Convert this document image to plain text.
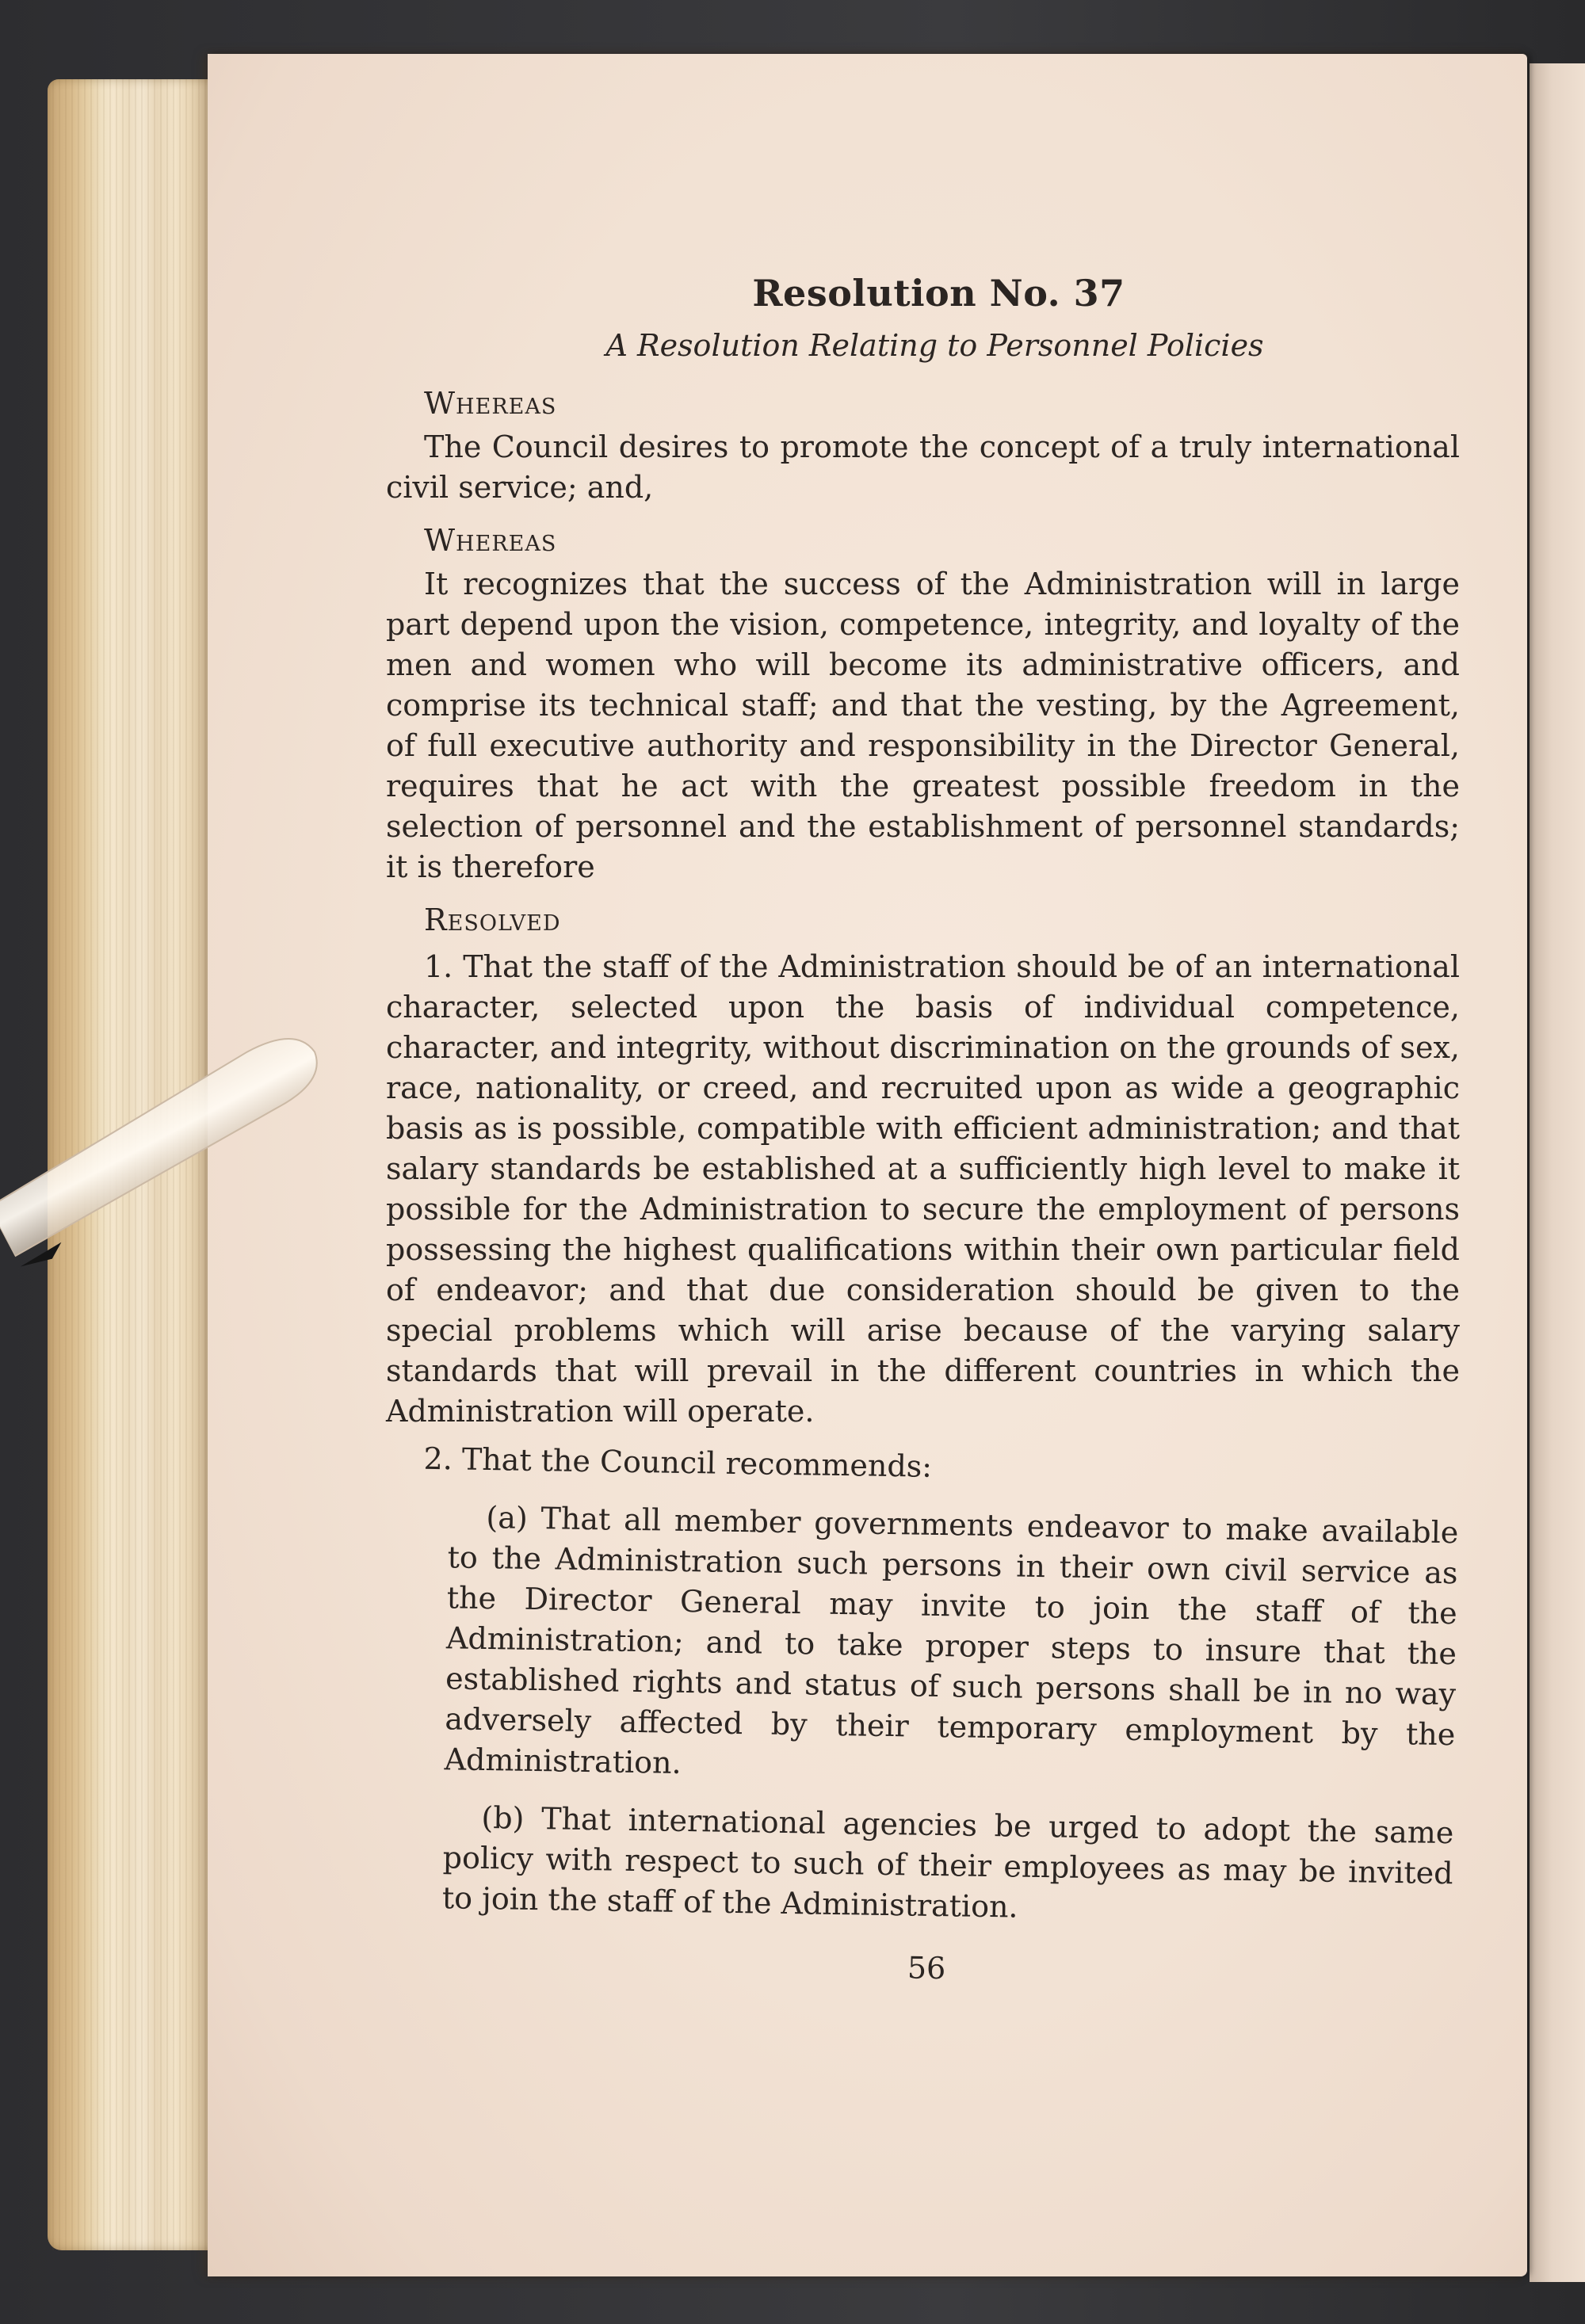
Resolution No. 37
A Resolution Relating to Personnel Policies
Whereas

The Council desires to promote the concept of a truly international civil service; and,

Whereas

It recognizes that the success of the Administration will in large part depend upon the vision, competence, integrity, and loyalty of the men and women who will become its administrative officers, and comprise its technical staff; and that the vesting, by the Agreement, of full executive authority and responsibility in the Director General, requires that he act with the greatest possible freedom in the selection of personnel and the establishment of personnel standards; it is therefore

Resolved

1. That the staff of the Administration should be of an international character, selected upon the basis of individual competence, character, and integrity, without discrimination on the grounds of sex, race, nationality, or creed, and recruited upon as wide a geographic basis as is possible, compatible with efficient administration; and that salary standards be established at a sufficiently high level to make it possible for the Administration to secure the employment of persons possessing the highest qualifications within their own particular field of endeavor; and that due consideration should be given to the special problems which will arise because of the varying salary standards that will prevail in the different countries in which the Administration will operate.

2. That the Council recommends:

(a) That all member governments endeavor to make available to the Administration such persons in their own civil service as the Director General may invite to join the staff of the Administration; and to take proper steps to insure that the established rights and status of such persons shall be in no way adversely affected by their temporary employment by the Administration.

(b) That international agencies be urged to adopt the same policy with respect to such of their employees as may be invited to join the staff of the Administration.

56
